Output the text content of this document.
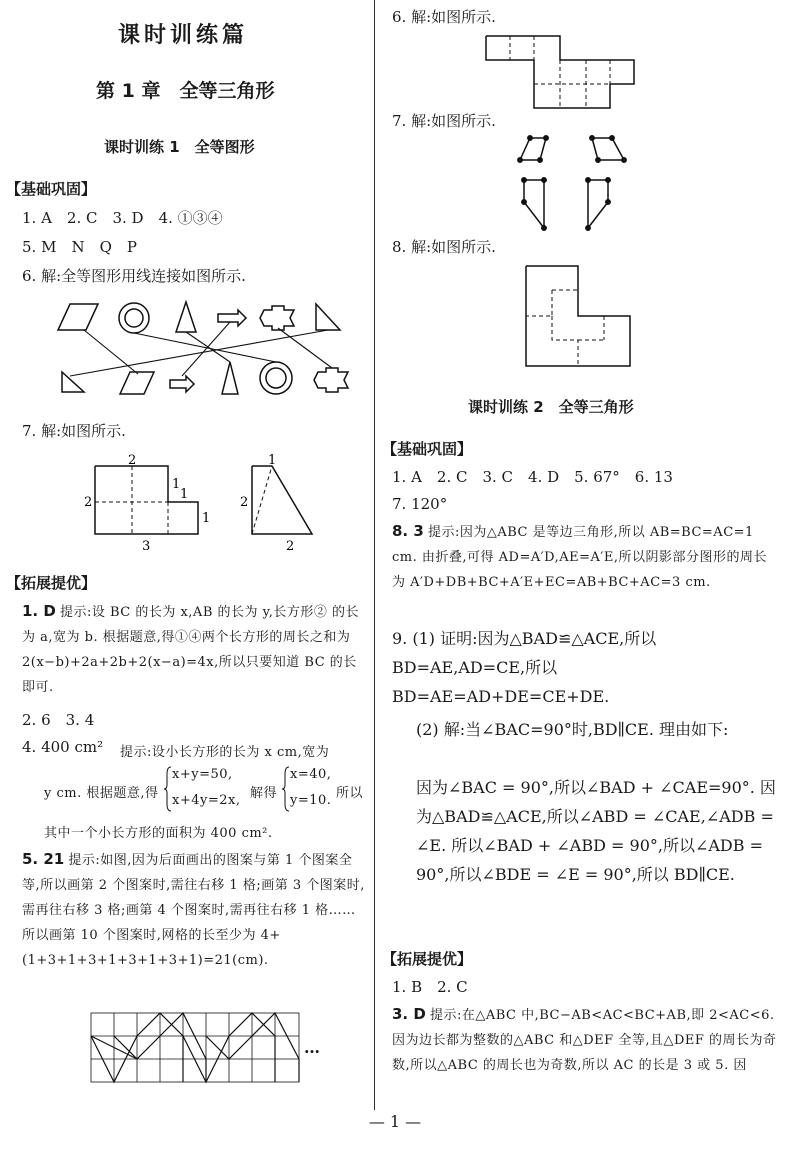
课时训练篇
第 1 章　全等三角形
课时训练 1　全等图形
【基础巩固】
1. A　2. C　3. D　4. ①③④
5. M　N　Q　P
6. 解:全等图形用线连接如图所示.
7. 解:如图所示.
2
2
1
1
1
3
1
2
2
【拓展提优】
1. D 提示:设 BC 的长为 x,AB 的长为 y,长方形② 的长为 a,宽为 b. 根据题意,得①④两个长方形的周长之和为 2(x−b)+2a+2b+2(x−a)=4x,所以只要知道 BC 的长即可.
2. 6　3. 4
4. 400 cm² 提示:设小长方形的长为 x cm,宽为
y cm. 根据题意,得
x+y=50,
x+4y=2x, 解得
x=40,
y=10. 所以
其中一个小长方形的面积为 400 cm².
5. 21 提示:如图,因为后面画出的图案与第 1 个图案全等,所以画第 2 个图案时,需往右移 1 格;画第 3 个图案时,需再往右移 3 格;画第 4 个图案时,需再往右移 1 格……所以画第 10 个图案时,网格的长至少为 4+(1+3+1+3+1+3+1+3+1)=21(cm).
…
6. 解:如图所示.
7. 解:如图所示.
8. 解:如图所示.
课时训练 2　全等三角形
【基础巩固】
1. A　2. C　3. C　4. D　5. 67°　6. 13
7. 120°
8. 3 提示:因为△ABC 是等边三角形,所以 AB=BC=AC=1 cm. 由折叠,可得 AD=A′D,AE=A′E,所以阴影部分图形的周长为 A′D+DB+BC+A′E+EC=AB+BC+AC=3 cm.
9. (1) 证明:因为△BAD≌△ACE,所以 BD=AE,AD=CE,所以 BD=AE=AD+DE=CE+DE.
(2) 解:当∠BAC=90°时,BD∥CE. 理由如下:
因为∠BAC = 90°,所以∠BAD + ∠CAE=90°. 因为△BAD≌△ACE,所以∠ABD = ∠CAE,∠ADB = ∠E. 所以∠BAD + ∠ABD = 90°,所以∠ADB = 90°,所以∠BDE = ∠E = 90°,所以 BD∥CE.
【拓展提优】
1. B　2. C
3. D 提示:在△ABC 中,BC−AB<AC<BC+AB,即 2<AC<6. 因为边长都为整数的△ABC 和△DEF 全等,且△DEF 的周长为奇数,所以△ABC 的周长也为奇数,所以 AC 的长是 3 或 5. 因
— 1 —
